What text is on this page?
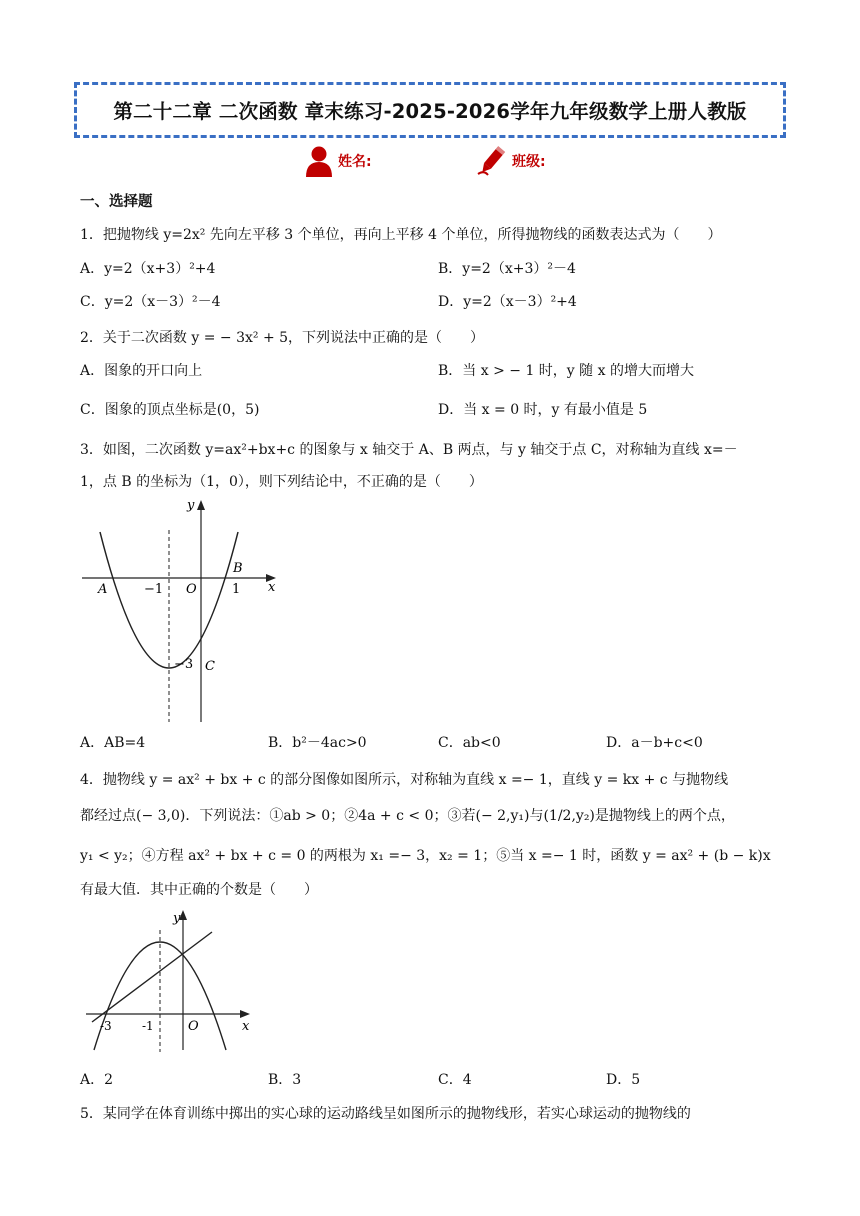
第二十二章 二次函数 章末练习-2025-2026学年九年级数学上册人教版
姓名:	班级:
一、选择题
1．把抛物线 y=2x² 先向左平移 3 个单位，再向上平移 4 个单位，所得抛物线的函数表达式为（　　）
A．y=2（x+3）²+4	B．y=2（x+3）²－4
C．y=2（x－3）²－4	D．y=2（x－3）²+4
2．关于二次函数 y = − 3x² + 5，下列说法中正确的是（　　）
A．图象的开口向上	B．当 x > − 1 时，y 随 x 的增大而增大
C．图象的顶点坐标是(0，5)	D．当 x = 0 时，y 有最小值是 5
3．如图，二次函数 y=ax²+bx+c 的图象与 x 轴交于 A、B 两点，与 y 轴交于点 C，对称轴为直线 x=－
1，点 B 的坐标为（1，0），则下列结论中，不正确的是（　　）
y
x
A
B
C
O
−1	1
−3
A．AB=4	B．b²－4ac>0	C．ab<0	D．a－b+c<0
4．抛物线 y = ax² + bx + c 的部分图像如图所示，对称轴为直线 x =− 1，直线 y = kx + c 与抛物线
都经过点(− 3,0)．下列说法：①ab > 0；②4a + c < 0；③若(− 2,y₁)与(1/2,y₂)是抛物线上的两个点，
y₁ < y₂；④方程 ax² + bx + c = 0 的两根为 x₁ =− 3，x₂ = 1；⑤当 x =− 1 时，函数 y = ax² + (b − k)x
有最大值．其中正确的个数是（　　）
y
x
O
-3	-1
A．2	B．3	C．4	D．5
5．某同学在体育训练中掷出的实心球的运动路线呈如图所示的抛物线形，若实心球运动的抛物线的
